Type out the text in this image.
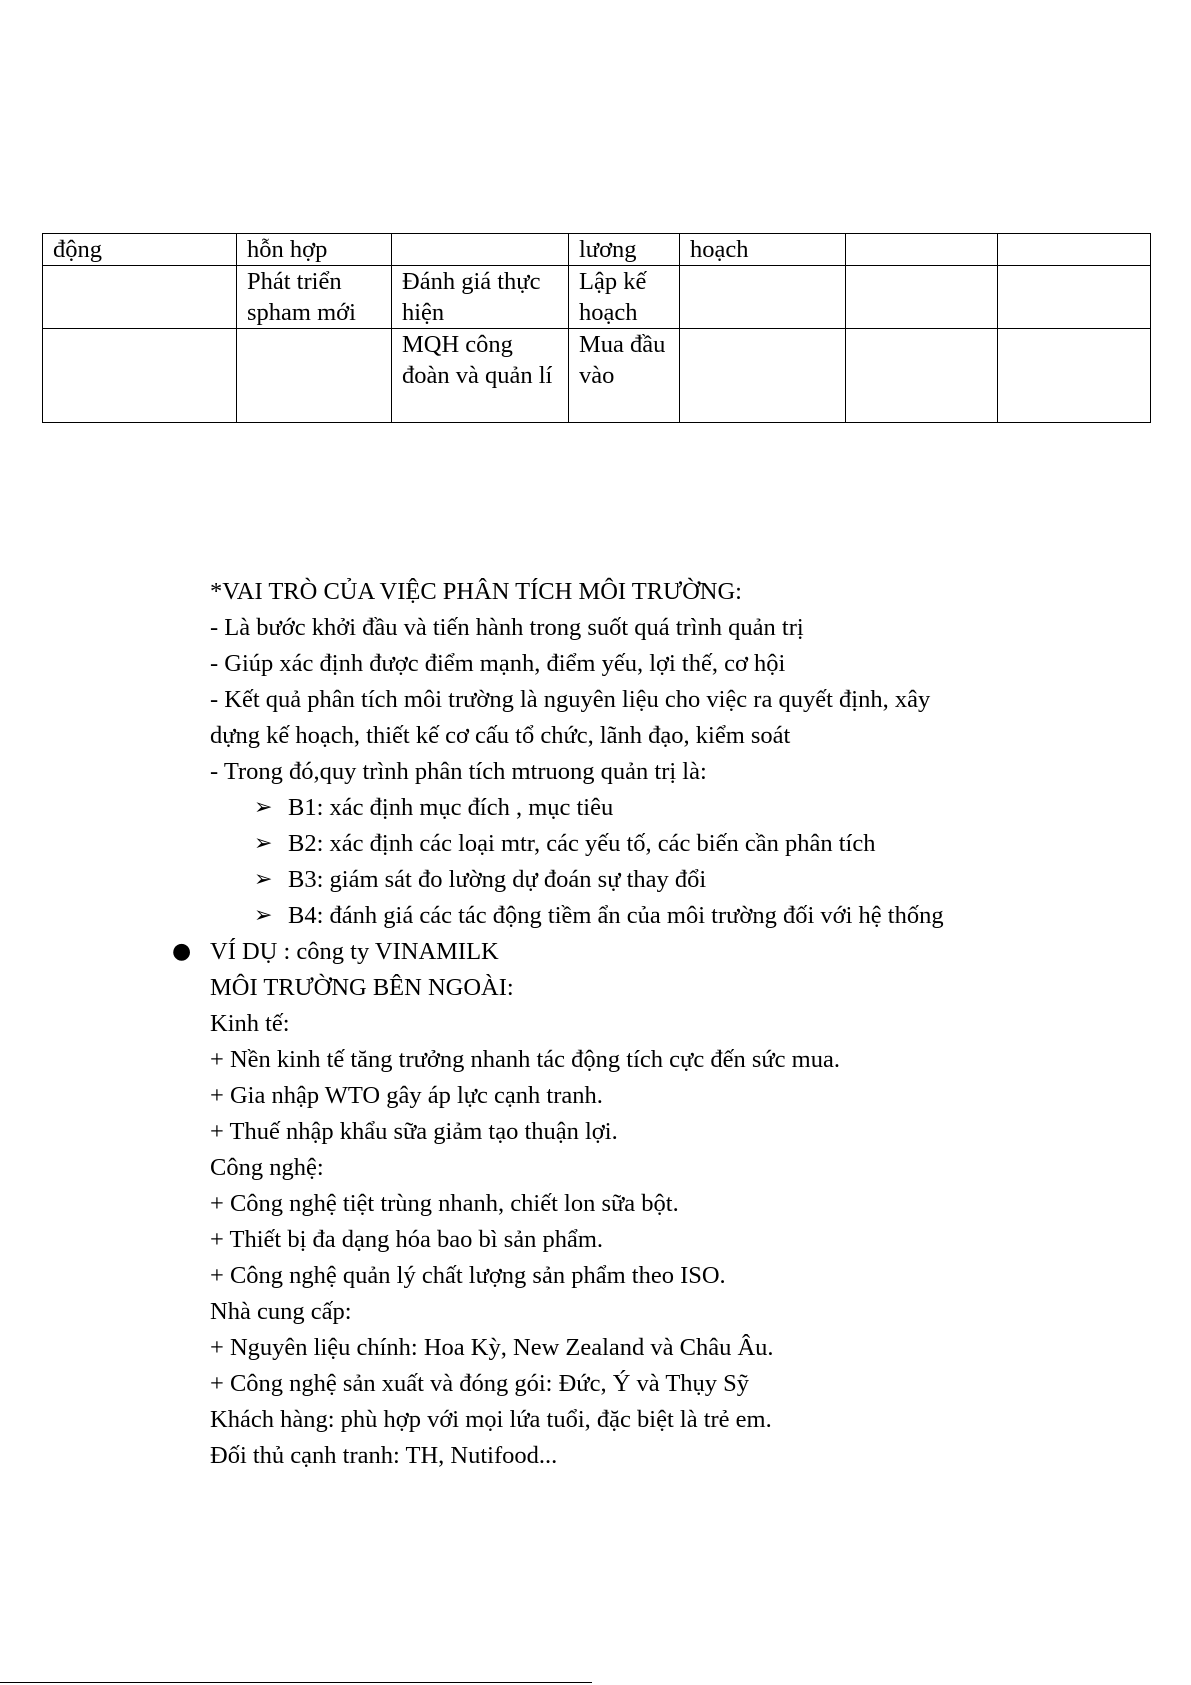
động	hỗn hợp		lương	hoạch		
	Phát triển spham mới	Đánh giá thực hiện	Lập kế hoạch			
		MQH công đoàn và quản lí	Mua đầu vào			
*VAI TRÒ CỦA VIỆC PHÂN TÍCH MÔI TRƯỜNG:
- Là bước khởi đầu và tiến hành trong suốt quá trình quản trị
- Giúp xác định được điểm mạnh, điểm yếu, lợi thế, cơ hội
- Kết quả phân tích môi trường là nguyên liệu cho việc ra quyết định, xây
dựng kế hoạch, thiết kế cơ cấu tổ chức, lãnh đạo, kiểm soát
- Trong đó,quy trình phân tích mtruong quản trị là:
➢ B1: xác định mục đích , mục tiêu
➢ B2: xác định các loại mtr, các yếu tố, các biến cần phân tích
➢ B3: giám sát đo lường dự đoán sự thay đổi
➢ B4: đánh giá các tác động tiềm ẩn của môi trường đối với hệ thống
● VÍ DỤ : công ty VINAMILK
MÔI TRƯỜNG BÊN NGOÀI:
Kinh tế:
+ Nền kinh tế tăng trưởng nhanh tác động tích cực đến sức mua.
+ Gia nhập WTO gây áp lực cạnh tranh.
+ Thuế nhập khẩu sữa giảm tạo thuận lợi.
Công nghệ:
+ Công nghệ tiệt trùng nhanh, chiết lon sữa bột.
+ Thiết bị đa dạng hóa bao bì sản phẩm.
+ Công nghệ quản lý chất lượng sản phẩm theo ISO.
Nhà cung cấp:
+ Nguyên liệu chính: Hoa Kỳ, New Zealand và Châu Âu.
+ Công nghệ sản xuất và đóng gói: Đức, Ý và Thụy Sỹ
Khách hàng: phù hợp với mọi lứa tuổi, đặc biệt là trẻ em.
Đối thủ cạnh tranh: TH, Nutifood...
